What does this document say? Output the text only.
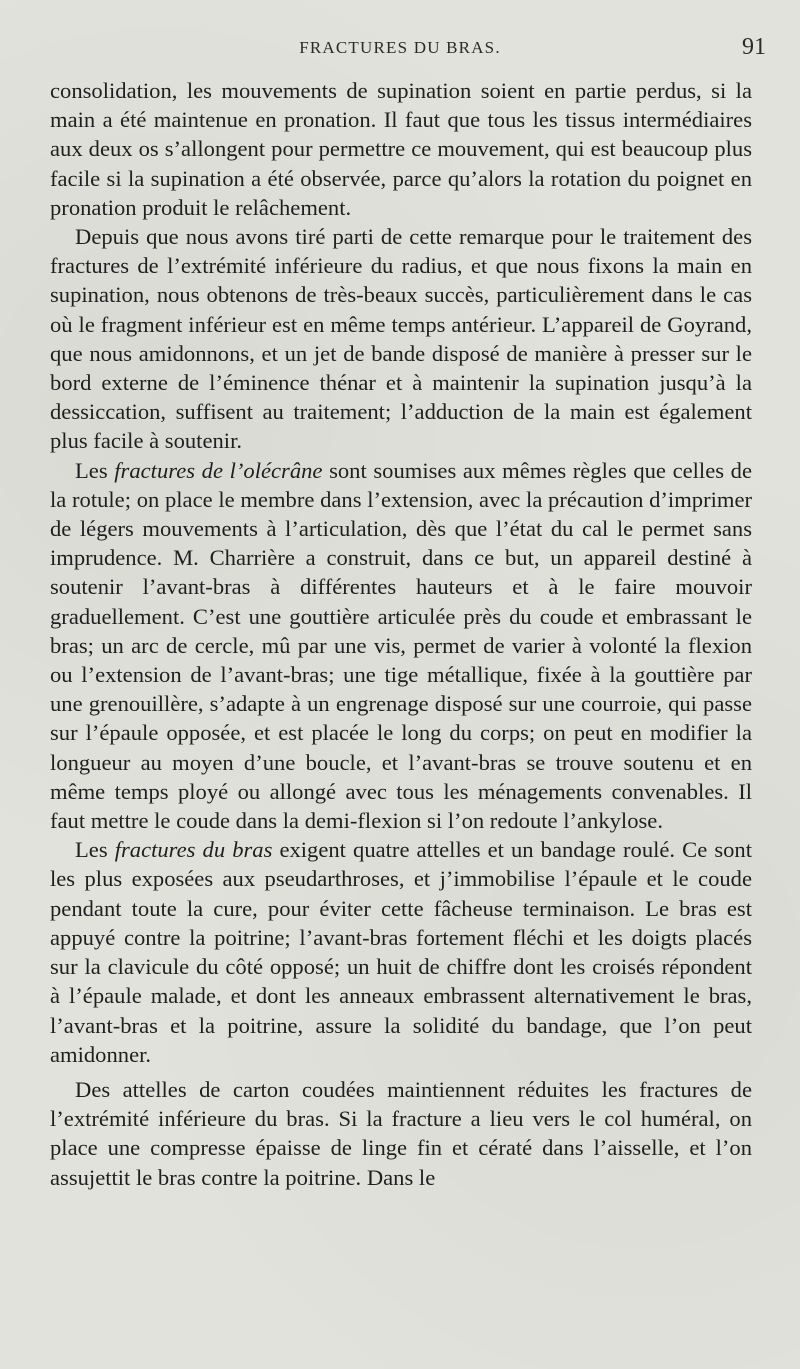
FRACTURES DU BRAS.	91

consolidation, les mouvements de supination soient en partie perdus, si la main a été maintenue en pronation. Il faut que tous les tissus intermédiaires aux deux os s’allongent pour permettre ce mouvement, qui est beaucoup plus facile si la supination a été observée, parce qu’alors la rotation du poignet en pronation produit le relâchement.

Depuis que nous avons tiré parti de cette remarque pour le traitement des fractures de l’extrémité inférieure du radius, et que nous fixons la main en supination, nous obtenons de très-beaux succès, particulièrement dans le cas où le fragment inférieur est en même temps antérieur. L’appareil de Goyrand, que nous amidonnons, et un jet de bande disposé de manière à presser sur le bord externe de l’éminence thénar et à maintenir la supination jusqu’à la dessiccation, suffisent au traitement; l’adduction de la main est également plus facile à soutenir.

Les fractures de l’olécrâne sont soumises aux mêmes règles que celles de la rotule; on place le membre dans l’extension, avec la précaution d’imprimer de légers mouvements à l’articulation, dès que l’état du cal le permet sans imprudence. M. Charrière a construit, dans ce but, un appareil destiné à soutenir l’avant-bras à différentes hauteurs et à le faire mouvoir graduellement. C’est une gouttière articulée près du coude et embrassant le bras; un arc de cercle, mû par une vis, permet de varier à volonté la flexion ou l’extension de l’avant-bras; une tige métallique, fixée à la gouttière par une grenouillère, s’adapte à un engrenage disposé sur une courroie, qui passe sur l’épaule opposée, et est placée le long du corps; on peut en modifier la longueur au moyen d’une boucle, et l’avant-bras se trouve soutenu et en même temps ployé ou allongé avec tous les ménagements convenables. Il faut mettre le coude dans la demi-flexion si l’on redoute l’ankylose.

Les fractures du bras exigent quatre attelles et un bandage roulé. Ce sont les plus exposées aux pseudarthroses, et j’immobilise l’épaule et le coude pendant toute la cure, pour éviter cette fâcheuse terminaison. Le bras est appuyé contre la poitrine; l’avant-bras fortement fléchi et les doigts placés sur la clavicule du côté opposé; un huit de chiffre dont les croisés répondent à l’épaule malade, et dont les anneaux embrassent alternativement le bras, l’avant-bras et la poitrine, assure la solidité du bandage, que l’on peut amidonner.

Des attelles de carton coudées maintiennent réduites les fractures de l’extrémité inférieure du bras. Si la fracture a lieu vers le col huméral, on place une compresse épaisse de linge fin et cératé dans l’aisselle, et l’on assujettit le bras contre la poitrine. Dans le
